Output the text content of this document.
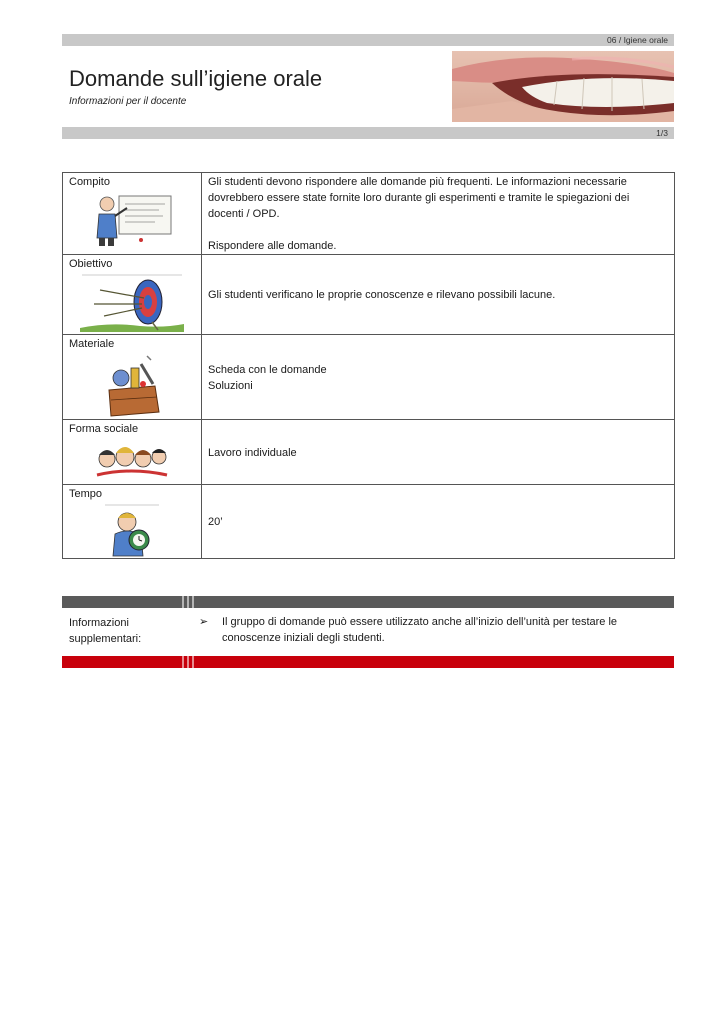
06 / Igiene orale
Domande sull’igiene orale
Informazioni per il docente
1/3
Compito	Gli studenti devono rispondere alle domande più frequenti. Le informazioni necessarie
dovrebbero essere state fornite loro durante gli esperimenti e tramite le spiegazioni dei
docenti / OPD.
Rispondere alle domande.

Obiettivo	Gli studenti verificano le proprie conoscenze e rilevano possibili lacune.

Materiale	Scheda con le domande
Soluzioni

Forma sociale	Lavoro individuale

Tempo	20’
Informazioni
supplementari:
➢ Il gruppo di domande può essere utilizzato anche all’inizio dell’unità per testare le
conoscenze iniziali degli studenti.
